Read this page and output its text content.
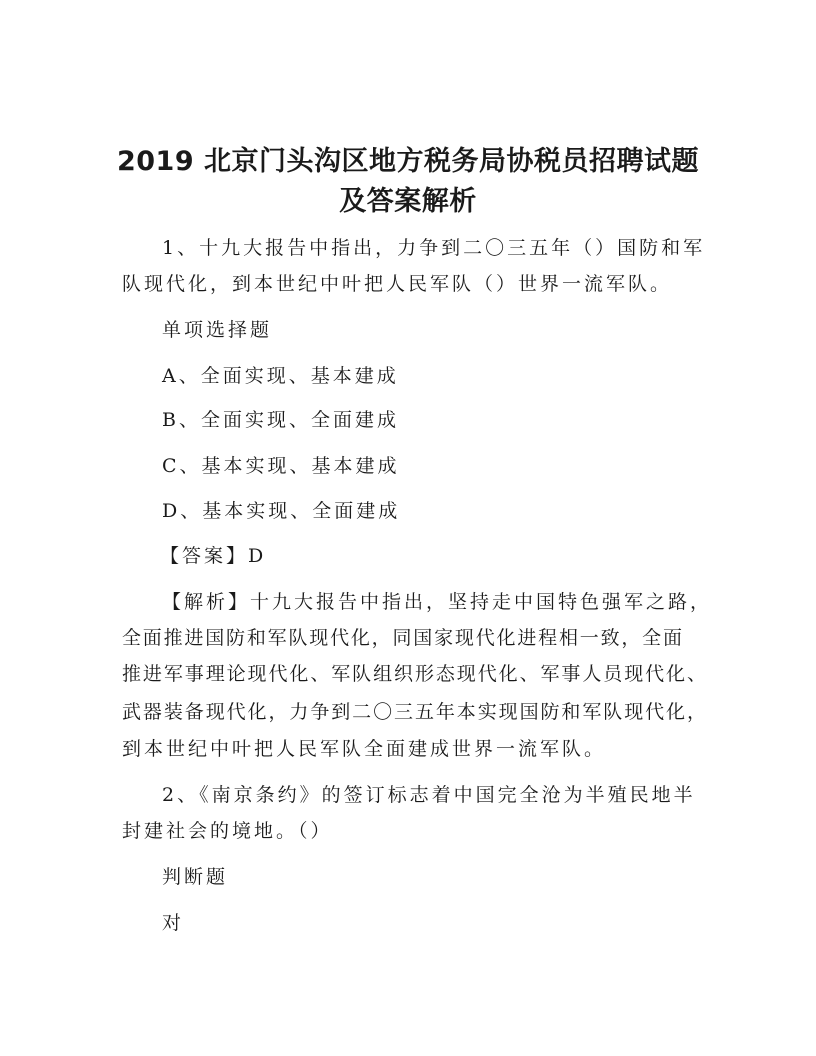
2019 北京门头沟区地方税务局协税员招聘试题
及答案解析
1、十九大报告中指出，力争到二〇三五年（）国防和军
队现代化，到本世纪中叶把人民军队（）世界一流军队。
单项选择题
A、全面实现、基本建成
B、全面实现、全面建成
C、基本实现、基本建成
D、基本实现、全面建成
【答案】D
【解析】十九大报告中指出，坚持走中国特色强军之路，
全面推进国防和军队现代化，同国家现代化进程相一致，全面
推进军事理论现代化、军队组织形态现代化、军事人员现代化、
武器装备现代化，力争到二〇三五年本实现国防和军队现代化，
到本世纪中叶把人民军队全面建成世界一流军队。
2、《南京条约》的签订标志着中国完全沧为半殖民地半
封建社会的境地。（）
判断题
对
